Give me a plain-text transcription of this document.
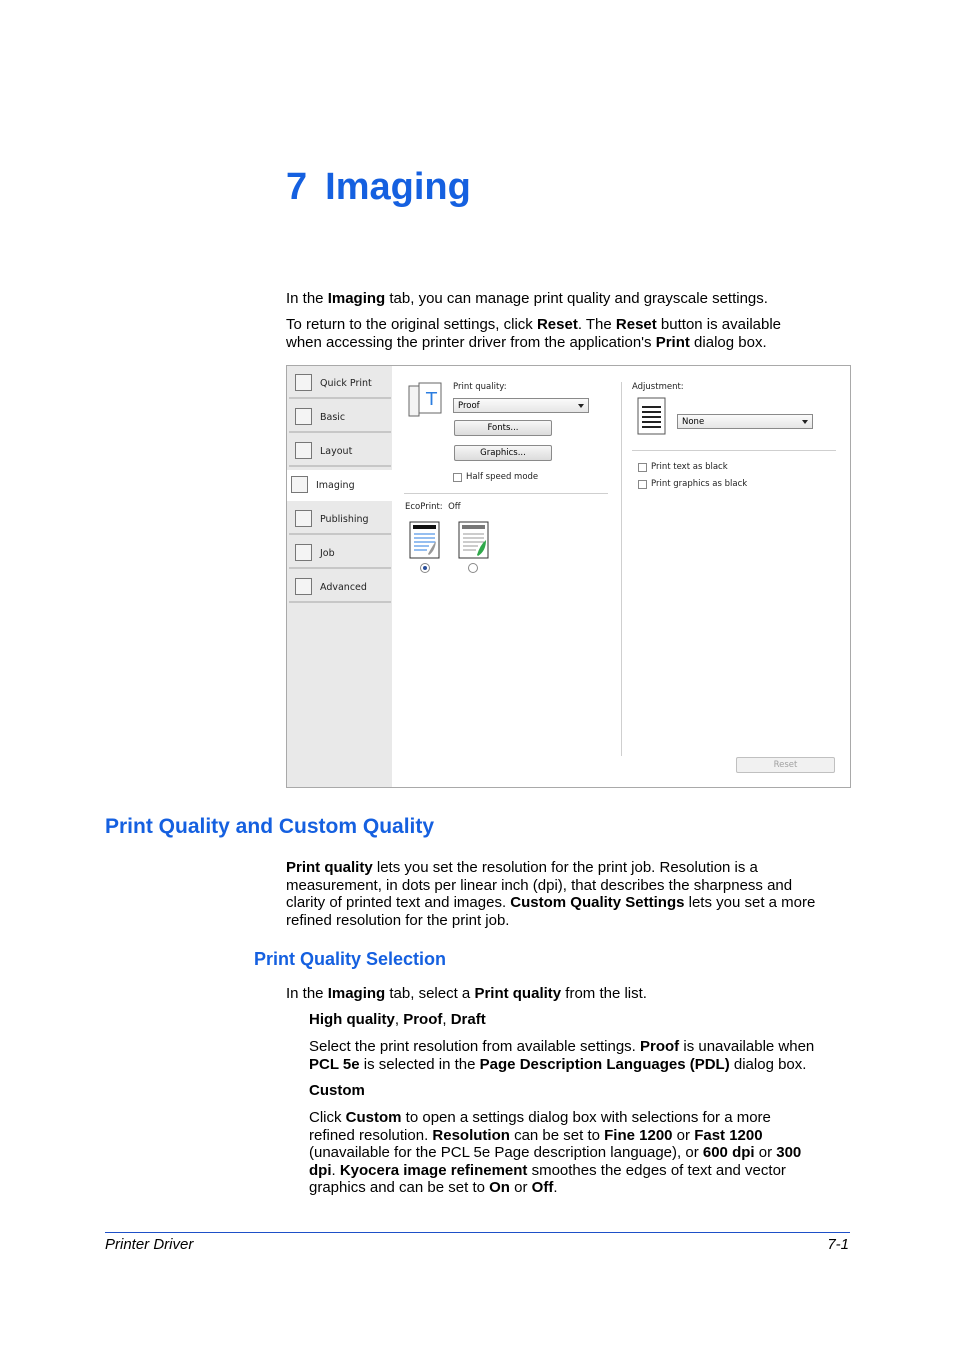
7 Imaging
In the Imaging tab, you can manage print quality and grayscale settings.
To return to the original settings, click Reset. The Reset button is available
when accessing the printer driver from the application's Print dialog box.
Quick Print
Basic
Layout
Imaging
Publishing
Job
Advanced
T
Print quality:
Proof
Fonts...
Graphics...
Half speed mode
EcoPrint: Off
Adjustment:
None
Print text as black
Print graphics as black
Reset
Print Quality and Custom Quality
Print quality lets you set the resolution for the print job. Resolution is a
measurement, in dots per linear inch (dpi), that describes the sharpness and
clarity of printed text and images. Custom Quality Settings lets you set a more
refined resolution for the print job.
Print Quality Selection
In the Imaging tab, select a Print quality from the list.
High quality, Proof, Draft
Select the print resolution from available settings. Proof is unavailable when
PCL 5e is selected in the Page Description Languages (PDL) dialog box.
Custom
Click Custom to open a settings dialog box with selections for a more
refined resolution. Resolution can be set to Fine 1200 or Fast 1200
(unavailable for the PCL 5e Page description language), or 600 dpi or 300
dpi. Kyocera image refinement smoothes the edges of text and vector
graphics and can be set to On or Off.
Printer Driver	7-1
